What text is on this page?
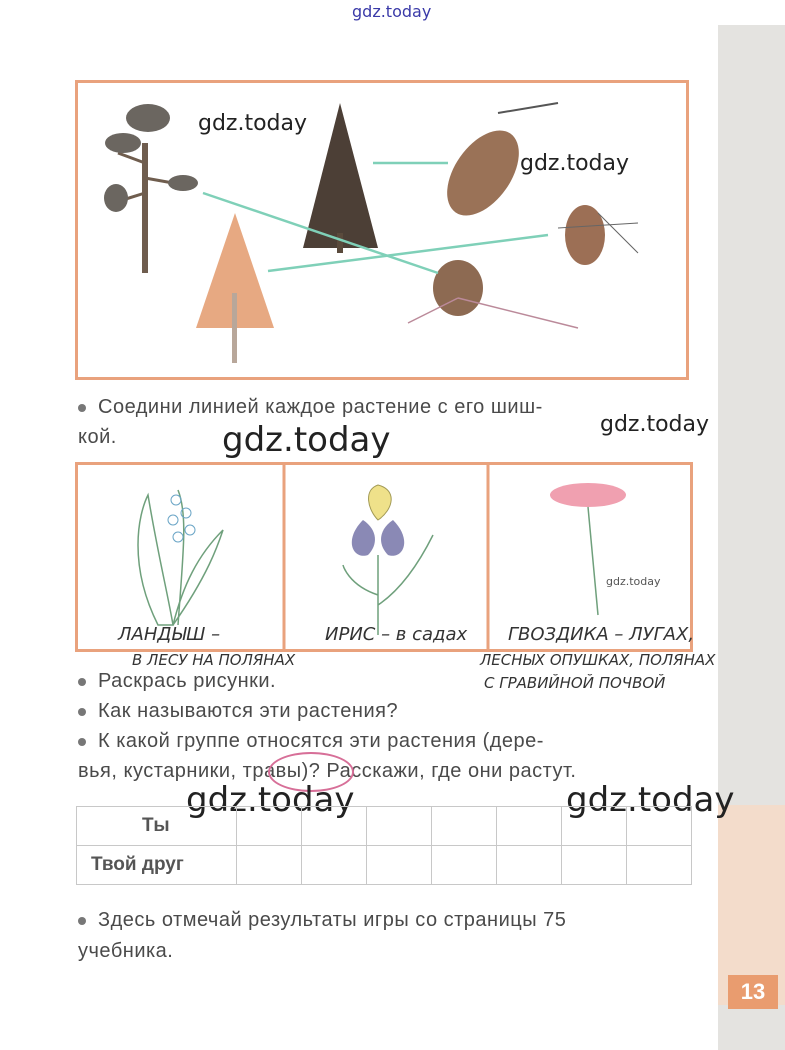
13
gdz.today
gdz.today
gdz.today
Соедини линией каждое растение с его шиш-
кой.	gdz.today	gdz.today
gdz.today
ЛАНДЫШ –
В ЛЕСУ НА ПОЛЯНАХ
ИРИС – в садах ГВОЗДИКА – ЛУГАХ,
ЛЕСНЫХ ОПУШКАХ, ПОЛЯНАХ
С ГРАВИЙНОЙ ПОЧВОЙ
Раскрась рисунки.
Как называются эти растения?
К какой группе относятся эти растения (дере-
вья, кустарники, травы)? Расскажи, где они растут.
gdz.today	gdz.today
Ты							
Твой друг							
Здесь отмечай результаты игры со страницы 75
учебника.
